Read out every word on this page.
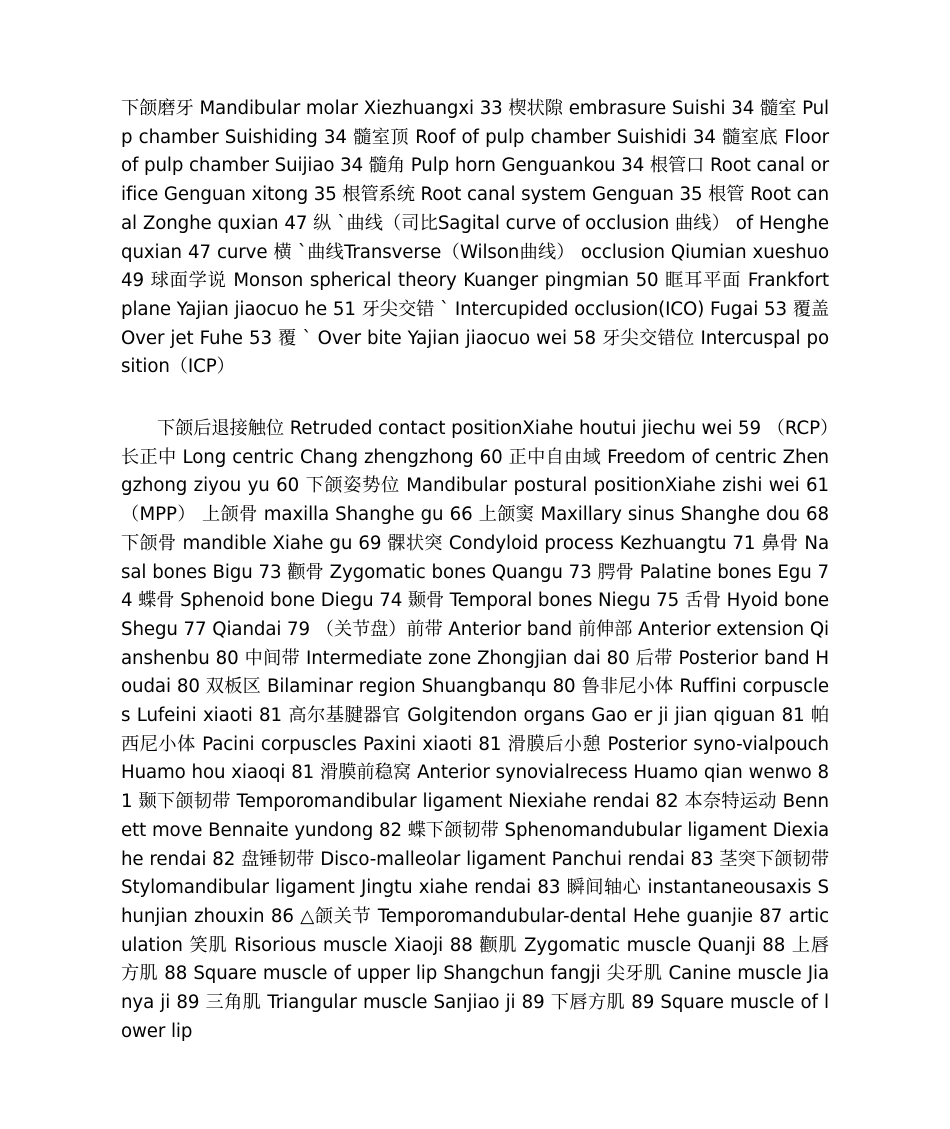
下颌磨牙 Mandibular molar Xiezhuangxi 33 楔状隙 embrasure Suishi 34 髓室 Pulp chamber Suishiding 34 髓室顶 Roof of pulp chamber Suishidi 34 髓室底 Floor of pulp chamber Suijiao 34 髓角 Pulp horn Genguankou 34 根管口 Root canal orifice Genguan xitong 35 根管系统 Root canal system Genguan 35 根管 Root canal Zonghe quxian 47 纵 `曲线（司比Sagital curve of occlusion 曲线） of Henghe quxian 47 curve 横 `曲线Transverse（Wilson曲线） occlusion Qiumian xueshuo 49 球面学说 Monson spherical theory Kuanger pingmian 50 眶耳平面 Frankfort plane Yajian jiaocuo he 51 牙尖交错 ` Intercupided occlusion(ICO) Fugai 53 覆盖 Over jet Fuhe 53 覆 ` Over bite Yajian jiaocuo wei 58 牙尖交错位 Intercuspal position（ICP）

下颌后退接触位 Retruded contact positionXiahe houtui jiechu wei 59 （RCP）长正中 Long centric Chang zhengzhong 60 正中自由域 Freedom of centric Zhengzhong ziyou yu 60 下颌姿势位 Mandibular postural positionXiahe zishi wei 61 （MPP） 上颌骨 maxilla Shanghe gu 66 上颌窦 Maxillary sinus Shanghe dou 68 下颌骨 mandible Xiahe gu 69 髁状突 Condyloid process Kezhuangtu 71 鼻骨 Nasal bones Bigu 73 颧骨 Zygomatic bones Quangu 73 腭骨 Palatine bones Egu 74 蝶骨 Sphenoid bone Diegu 74 颞骨 Temporal bones Niegu 75 舌骨 Hyoid bone Shegu 77 Qiandai 79 （关节盘）前带 Anterior band 前伸部 Anterior extension Qianshenbu 80 中间带 Intermediate zone Zhongjian dai 80 后带 Posterior band Houdai 80 双板区 Bilaminar region Shuangbanqu 80 鲁非尼小体 Ruffini corpuscles Lufeini xiaoti 81 高尔基腱器官 Golgitendon organs Gao er ji jian qiguan 81 帕西尼小体 Pacini corpuscles Paxini xiaoti 81 滑膜后小憩 Posterior syno-vialpouch Huamo hou xiaoqi 81 滑膜前稳窝 Anterior synovialrecess Huamo qian wenwo 81 颞下颌韧带 Temporomandibular ligament Niexiahe rendai 82 本奈特运动 Bennett move Bennaite yundong 82 蝶下颌韧带 Sphenomandubular ligament Diexiahe rendai 82 盘锤韧带 Disco-malleolar ligament Panchui rendai 83 茎突下颌韧带 Stylomandibular ligament Jingtu xiahe rendai 83 瞬间轴心 instantaneousaxis Shunjian zhouxin 86 △颌关节 Temporomandubular-dental Hehe guanjie 87 articulation 笑肌 Risorious muscle Xiaoji 88 颧肌 Zygomatic muscle Quanji 88 上唇方肌 88 Square muscle of upper lip Shangchun fangji 尖牙肌 Canine muscle Jianya ji 89 三角肌 Triangular muscle Sanjiao ji 89 下唇方肌 89 Square muscle of lower lip
